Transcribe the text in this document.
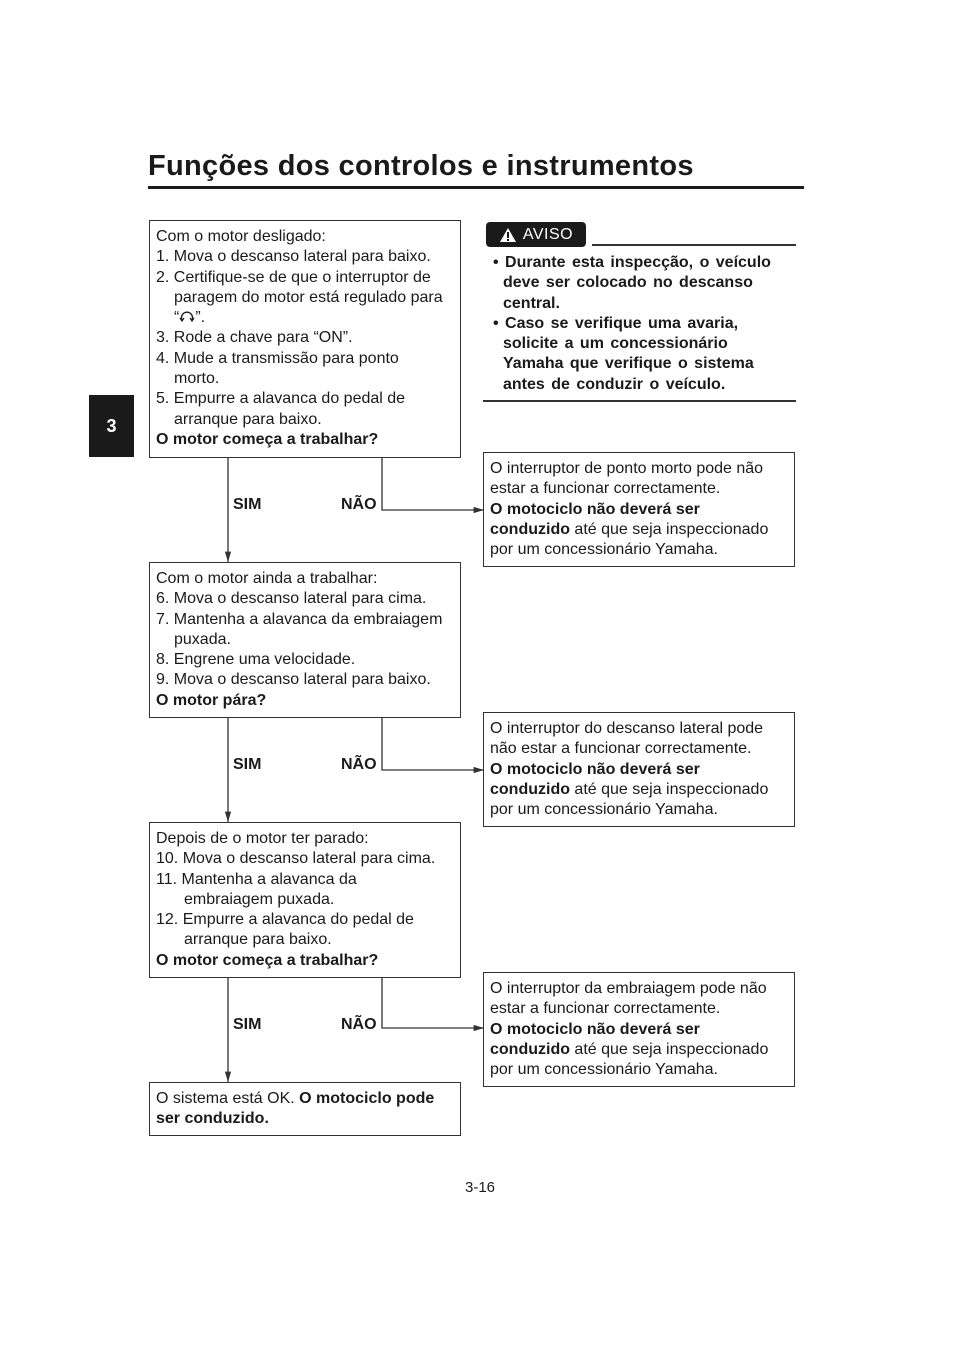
Funções dos controlos e instrumentos
3
Com o motor desligado:
1. Mova o descanso lateral para baixo.
2. Certifique-se de que o interruptor de
paragem do motor está regulado para
“ ”.
3. Rode a chave para “ON”.
4. Mude a transmissão para ponto
morto.
5. Empurre a alavanca do pedal de
arranque para baixo.
O motor começa a trabalhar?
SIM	NÃO
O interruptor de ponto morto pode não
estar a funcionar correctamente.
O motociclo não deverá ser
conduzido até que seja inspeccionado
por um concessionário Yamaha.
Com o motor ainda a trabalhar:
6. Mova o descanso lateral para cima.
7. Mantenha a alavanca da embraiagem
puxada.
8. Engrene uma velocidade.
9. Mova o descanso lateral para baixo.
O motor pára?
SIM	NÃO
O interruptor do descanso lateral pode
não estar a funcionar correctamente.
O motociclo não deverá ser
conduzido até que seja inspeccionado
por um concessionário Yamaha.
Depois de o motor ter parado:
10. Mova o descanso lateral para cima.
11. Mantenha a alavanca da
embraiagem puxada.
12. Empurre a alavanca do pedal de
arranque para baixo.
O motor começa a trabalhar?
SIM	NÃO
O interruptor da embraiagem pode não
estar a funcionar correctamente.
O motociclo não deverá ser
conduzido até que seja inspeccionado
por um concessionário Yamaha.
O sistema está OK. O motociclo pode
ser conduzido.
AVISO
• Durante esta inspecção, o veículo
deve ser colocado no descanso
central.
• Caso se verifique uma avaria,
solicite a um concessionário
Yamaha que verifique o sistema
antes de conduzir o veículo.
3-16
